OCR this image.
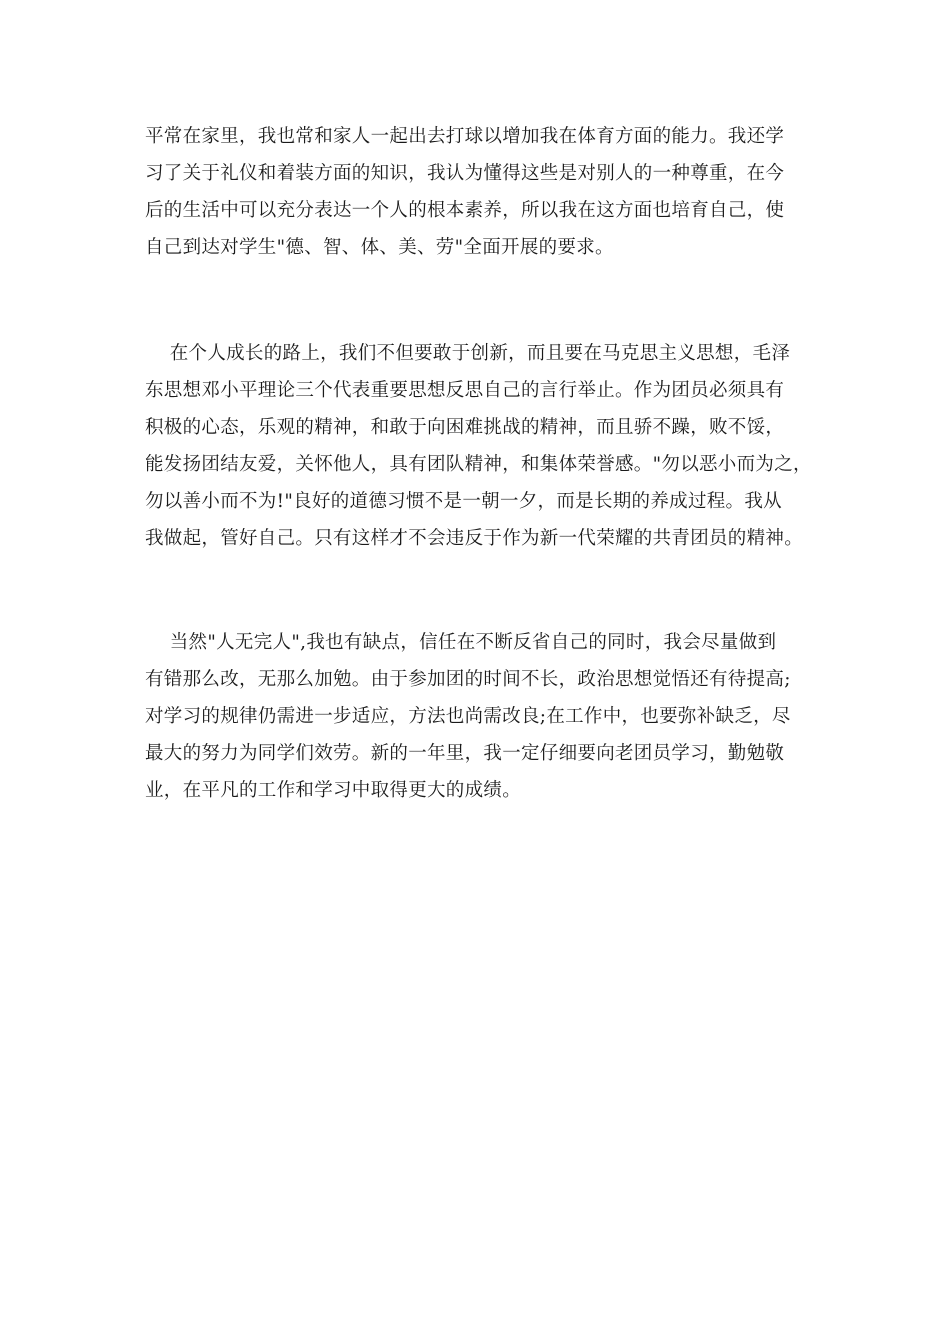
平常在家里，我也常和家人一起出去打球以增加我在体育方面的能力。我还学
习了关于礼仪和着装方面的知识，我认为懂得这些是对别人的一种尊重，在今
后的生活中可以充分表达一个人的根本素养，所以我在这方面也培育自己，使
自己到达对学生"德、智、体、美、劳"全面开展的要求。
在个人成长的路上，我们不但要敢于创新，而且要在马克思主义思想，毛泽
东思想邓小平理论三个代表重要思想反思自己的言行举止。作为团员必须具有
积极的心态，乐观的精神，和敢于向困难挑战的精神，而且骄不躁，败不馁，
能发扬团结友爱，关怀他人，具有团队精神，和集体荣誉感。"勿以恶小而为之，
勿以善小而不为!"良好的道德习惯不是一朝一夕，而是长期的养成过程。我从
我做起，管好自己。只有这样才不会违反于作为新一代荣耀的共青团员的精神。
当然"人无完人",我也有缺点，信任在不断反省自己的同时，我会尽量做到
有错那么改，无那么加勉。由于参加团的时间不长，政治思想觉悟还有待提高;
对学习的规律仍需进一步适应，方法也尚需改良;在工作中，也要弥补缺乏，尽
最大的努力为同学们效劳。新的一年里，我一定仔细要向老团员学习，勤勉敬
业，在平凡的工作和学习中取得更大的成绩。
